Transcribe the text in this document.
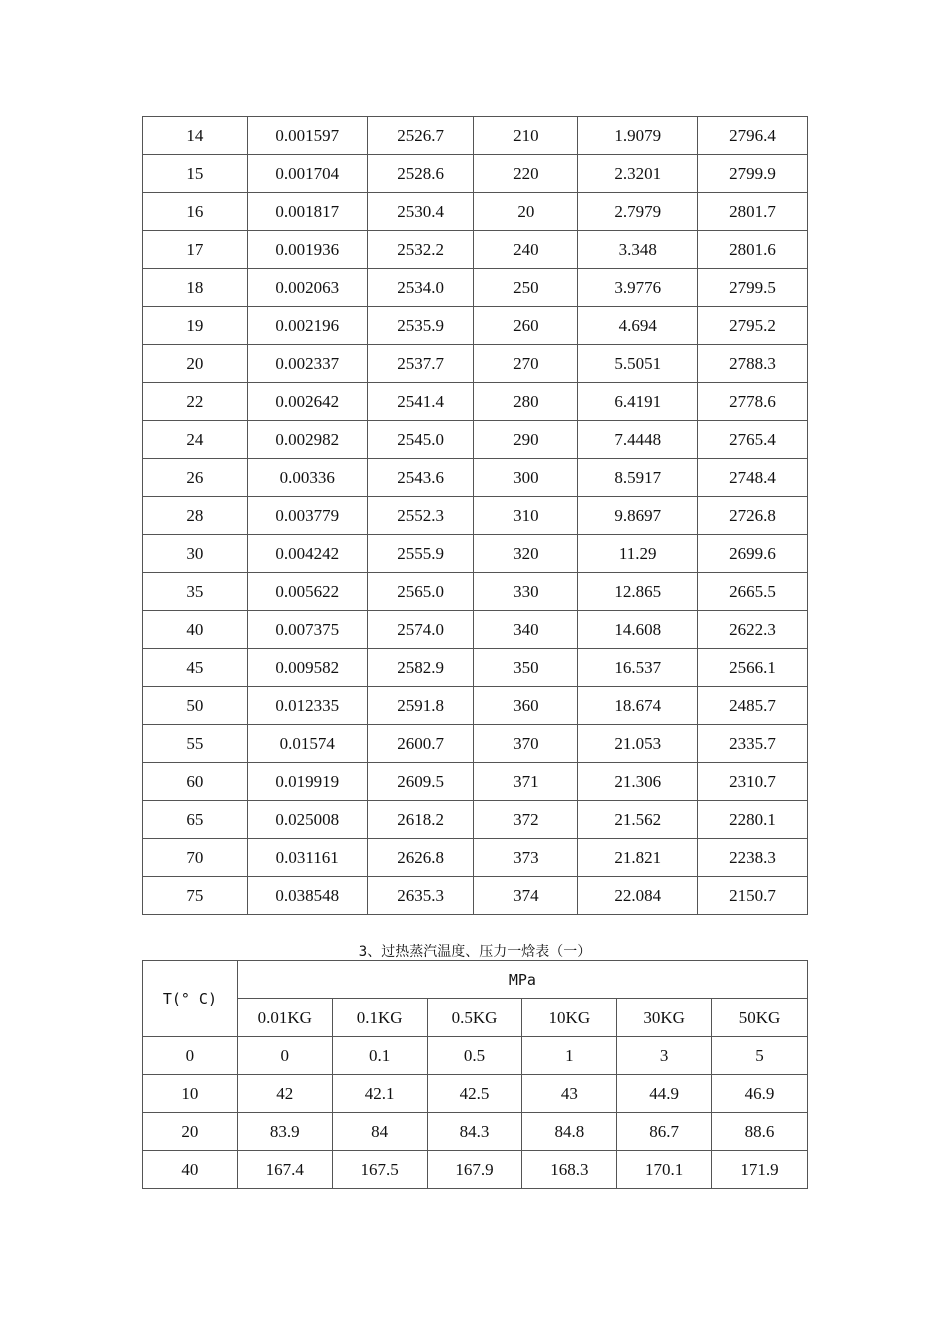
14	0.001597	2526.7	210	1.9079	2796.4
15	0.001704	2528.6	220	2.3201	2799.9
16	0.001817	2530.4	20	2.7979	2801.7
17	0.001936	2532.2	240	3.348	2801.6
18	0.002063	2534.0	250	3.9776	2799.5
19	0.002196	2535.9	260	4.694	2795.2
20	0.002337	2537.7	270	5.5051	2788.3
22	0.002642	2541.4	280	6.4191	2778.6
24	0.002982	2545.0	290	7.4448	2765.4
26	0.00336	2543.6	300	8.5917	2748.4
28	0.003779	2552.3	310	9.8697	2726.8
30	0.004242	2555.9	320	11.29	2699.6
35	0.005622	2565.0	330	12.865	2665.5
40	0.007375	2574.0	340	14.608	2622.3
45	0.009582	2582.9	350	16.537	2566.1
50	0.012335	2591.8	360	18.674	2485.7
55	0.01574	2600.7	370	21.053	2335.7
60	0.019919	2609.5	371	21.306	2310.7
65	0.025008	2618.2	372	21.562	2280.1
70	0.031161	2626.8	373	21.821	2238.3
75	0.038548	2635.3	374	22.084	2150.7
3、过热蒸汽温度、压力一焓表（一）
T(° C)	MPa					
	0.01KG	0.1KG	0.5KG	10KG	30KG	50KG
0	0	0.1	0.5	1	3	5
10	42	42.1	42.5	43	44.9	46.9
20	83.9	84	84.3	84.8	86.7	88.6
40	167.4	167.5	167.9	168.3	170.1	171.9
